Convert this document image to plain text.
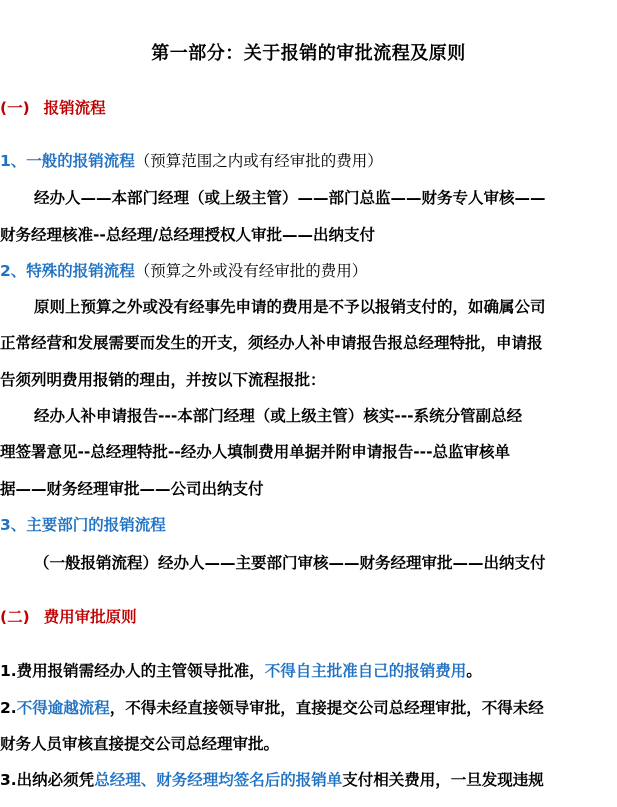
第一部分：关于报销的审批流程及原则
(一) 报销流程
1、一般的报销流程（预算范围之内或有经审批的费用）
经办人——本部门经理（或上级主管）——部门总监——财务专人审核——
财务经理核准--总经理/总经理授权人审批——出纳支付
2、特殊的报销流程（预算之外或没有经审批的费用）
原则上预算之外或没有经事先申请的费用是不予以报销支付的，如确属公司
正常经营和发展需要而发生的开支，须经办人补申请报告报总经理特批，申请报
告须列明费用报销的理由，并按以下流程报批：
经办人补申请报告---本部门经理（或上级主管）核实---系统分管副总经
理签署意见--总经理特批--经办人填制费用单据并附申请报告---总监审核单
据——财务经理审批——公司出纳支付
3、主要部门的报销流程
（一般报销流程）经办人——主要部门审核——财务经理审批——出纳支付
(二) 费用审批原则
1.费用报销需经办人的主管领导批准，不得自主批准自己的报销费用。
2.不得逾越流程，不得未经直接领导审批，直接提交公司总经理审批，不得未经
财务人员审核直接提交公司总经理审批。
3.出纳必须凭总经理、财务经理均签名后的报销单支付相关费用，一旦发现违规
